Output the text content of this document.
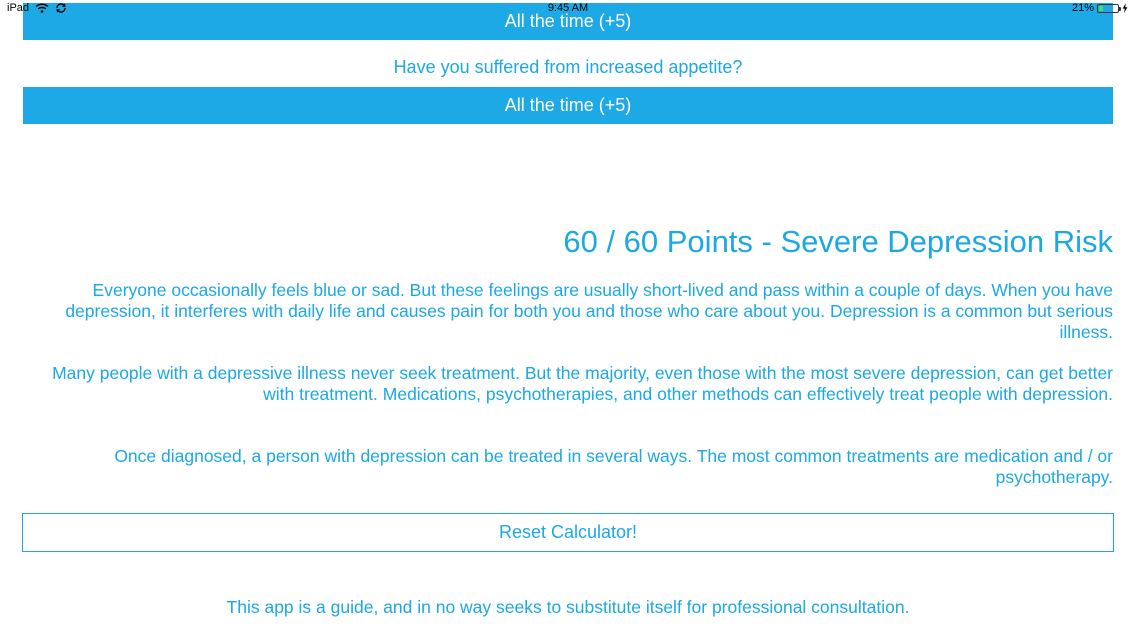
iPad	9:45 AM	21%
All the time (+5)
Have you suffered from increased appetite?
All the time (+5)
60 / 60 Points - Severe Depression Risk

Everyone occasionally feels blue or sad. But these feelings are usually short-lived and pass within a couple of days. When you have depression, it interferes with daily life and causes pain for both you and those who care about you. Depression is a common but serious illness.

Many people with a depressive illness never seek treatment. But the majority, even those with the most severe depression, can get better with treatment. Medications, psychotherapies, and other methods can effectively treat people with depression.

Once diagnosed, a person with depression can be treated in several ways. The most common treatments are medication and / or psychotherapy.

Reset Calculator!
This app is a guide, and in no way seeks to substitute itself for professional consultation.
